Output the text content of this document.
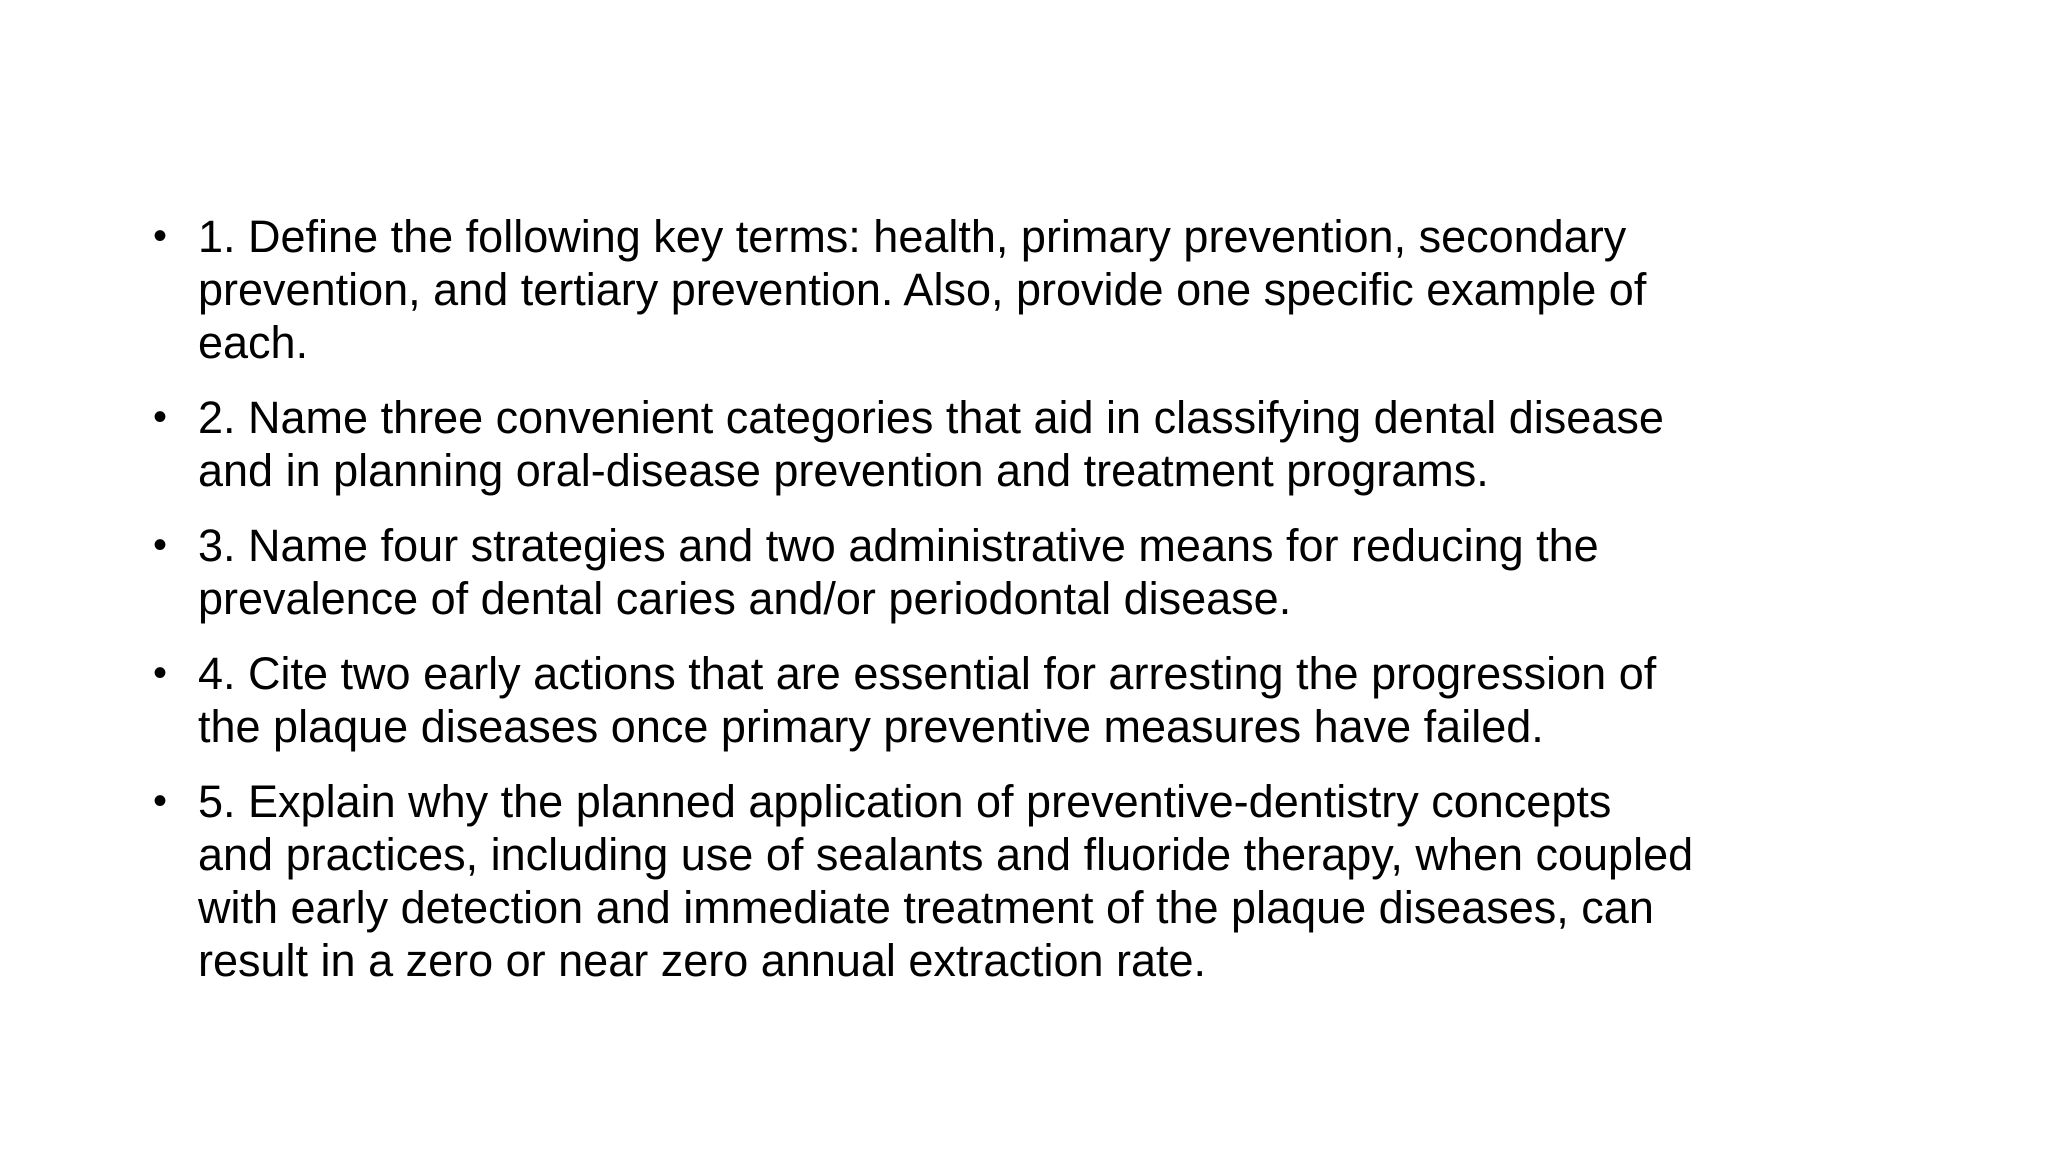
• 1. Define the following key terms: health, primary prevention, secondary
prevention, and tertiary prevention. Also, provide one specific example of
each.
• 2. Name three convenient categories that aid in classifying dental disease
and in planning oral-disease prevention and treatment programs.
• 3. Name four strategies and two administrative means for reducing the
prevalence of dental caries and/or periodontal disease.
• 4. Cite two early actions that are essential for arresting the progression of
the plaque diseases once primary preventive measures have failed.
• 5. Explain why the planned application of preventive-dentistry concepts
and practices, including use of sealants and fluoride therapy, when coupled
with early detection and immediate treatment of the plaque diseases, can
result in a zero or near zero annual extraction rate.
